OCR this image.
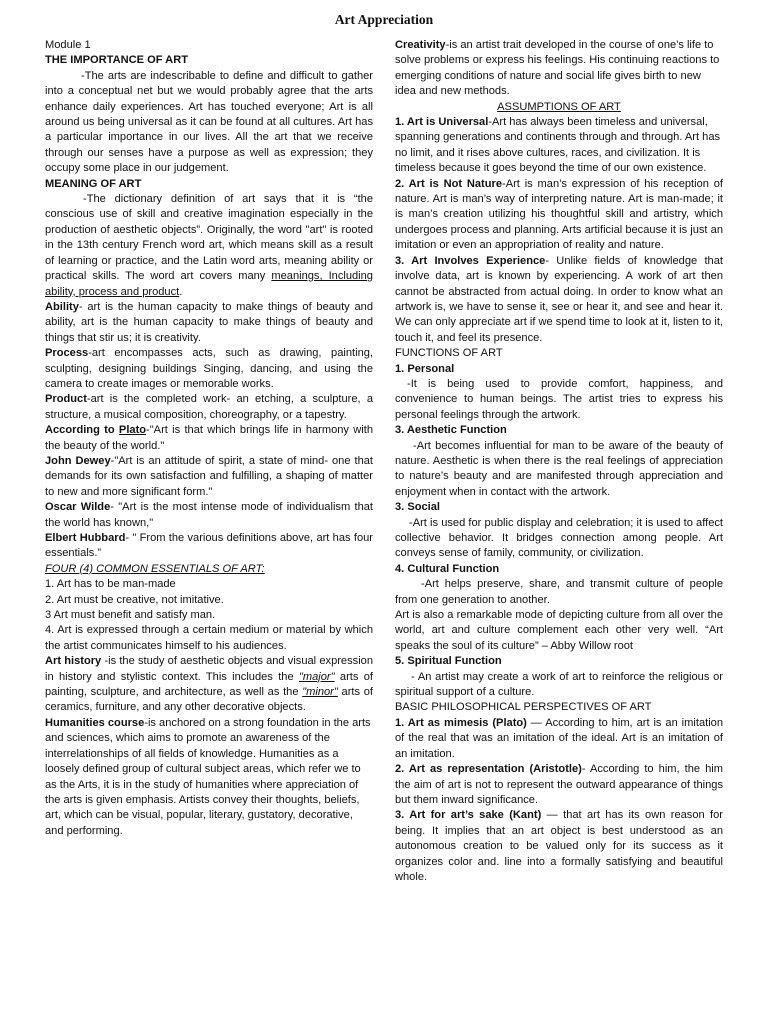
Art Appreciation

Module 1

THE IMPORTANCE OF ART

-The arts are indescribable to define and difficult to gather into a conceptual net but we would probably agree that the arts enhance daily experiences. Art has touched everyone; Art is all around us being universal as it can be found at all cultures. Art has a particular importance in our lives. All the art that we receive through our senses have a purpose as well as expression; they occupy some place in our judgement.

MEANING OF ART

-The dictionary definition of art says that it is “the conscious use of skill and creative imagination especially in the production of aesthetic objects”. Originally, the word "art" is rooted in the 13th century French word art, which means skill as a result of learning or practice, and the Latin word arts, meaning ability or practical skills. The word art covers many meanings, Including ability, process and product.

Ability- art is the human capacity to make things of beauty and ability, art is the human capacity to make things of beauty and things that stir us; it is creativity.

Process-art encompasses acts, such as drawing, painting, sculpting, designing buildings Singing, dancing, and using the camera to create images or memorable works.

Product-art is the completed work- an etching, a sculpture, a structure, a musical composition, choreography, or a tapestry.

According to Plato-"Art is that which brings life in harmony with the beauty of the world."

John Dewey-"Art is an attitude of spirit, a state of mind- one that demands for its own satisfaction and fulfilling, a shaping of matter to new and more significant form."

Oscar Wilde- "Art is the most intense mode of individualism that the world has known,"

Elbert Hubbard- " From the various definitions above, art has four essentials.”

FOUR (4) COMMON ESSENTIALS OF ART:

1. Art has to be man-made

2. Art must be creative, not imitative.

3 Art must benefit and satisfy man.

4. Art is expressed through a certain medium or material by which the artist communicates himself to his audiences.

Art history -is the study of aesthetic objects and visual expression in history and stylistic context. This includes the "major" arts of painting, sculpture, and architecture, as well as the "minor" arts of ceramics, furniture, and any other decorative objects.

Humanities course-is anchored on a strong foundation in the arts and sciences, which aims to promote an awareness of the interrelationships of all fields of knowledge. Humanities as a loosely defined group of cultural subject areas, which refer we to as the Arts, it is in the study of humanities where appreciation of the arts is given emphasis. Artists convey their thoughts, beliefs, art, which can be visual, popular, literary, gustatory, decorative, and performing.

Creativity-is an artist trait developed in the course of one's life to solve problems or express his feelings. His continuing reactions to emerging conditions of nature and social life gives birth to new idea and new methods.

ASSUMPTIONS OF ART

1. Art is Universal-Art has always been timeless and universal, spanning generations and continents through and through. Art has no limit, and it rises above cultures, races, and civilization. It is timeless because it goes beyond the time of our own existence.

2. Art is Not Nature-Art is man’s expression of his reception of nature. Art is man’s way of interpreting nature. Art is man-made; it is man’s creation utilizing his thoughtful skill and artistry, which undergoes process and planning. Arts artificial because it is just an imitation or even an appropriation of reality and nature.

3. Art Involves Experience- Unlike fields of knowledge that involve data, art is known by experiencing. A work of art then cannot be abstracted from actual doing. In order to know what an artwork is, we have to sense it, see or hear it, and see and hear it. We can only appreciate art if we spend time to look at it, listen to it, touch it, and feel its presence.

FUNCTIONS OF ART

1. Personal

-It is being used to provide comfort, happiness, and convenience to human beings. The artist tries to express his personal feelings through the artwork.

3. Aesthetic Function

-Art becomes influential for man to be aware of the beauty of nature. Aesthetic is when there is the real feelings of appreciation to nature’s beauty and are manifested through appreciation and enjoyment when in contact with the artwork.

3. Social

-Art is used for public display and celebration; it is used to affect collective behavior. It bridges connection among people. Art conveys sense of family, community, or civilization.

4. Cultural Function

-Art helps preserve, share, and transmit culture of people from one generation to another.

Art is also a remarkable mode of depicting culture from all over the world, art and culture complement each other very well. “Art speaks the soul of its culture” – Abby Willow root

5. Spiritual Function

- An artist may create a work of art to reinforce the religious or spiritual support of a culture.

BASIC PHILOSOPHICAL PERSPECTIVES OF ART

1. Art as mimesis (Plato) — According to him, art is an imitation of the real that was an imitation of the ideal. Art is an imitation of an imitation.

2. Art as representation (Aristotle)- According to him, the him the aim of art is not to represent the outward appearance of things but them inward significance.

3. Art for art’s sake (Kant) — that art has its own reason for being. It implies that an art object is best understood as an autonomous creation to be valued only for its success as it organizes color and. line into a formally satisfying and beautiful whole.
